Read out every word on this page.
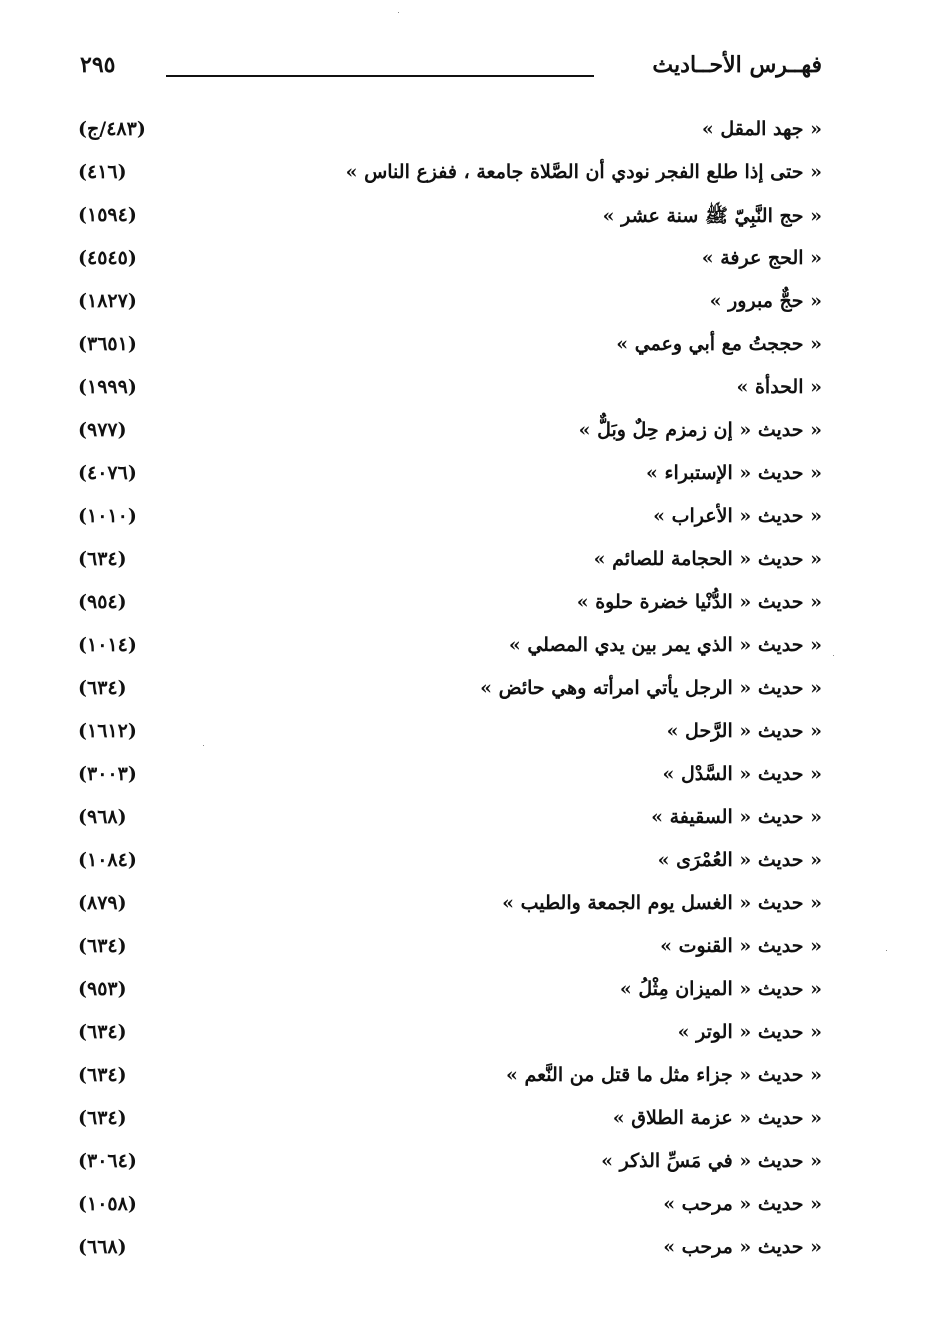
فهــرس الأحــاديث
٢٩٥
« جهد المقل »
(٤٨٣/ج)
« حتى إذا طلع الفجر نودي أن الصَّلاة جامعة ، ففزع الناس »
(٤١٦)
« حج النَّبِيّ ﷺ سنة عشر »
(١٥٩٤)
« الحج عرفة »
(٤٥٤٥)
« حجٌّ مبرور »
(١٨٢٧)
« حججتُ مع أبي وعمي »
(٣٦٥١)
« الحدأة »
(١٩٩٩)
« حديث « إن زمزم حِلٌ وبَلٌّ »
(٩٧٧)
« حديث « الإستبراء »
(٤٠٧٦)
« حديث « الأعراب »
(١٠١٠)
« حديث « الحجامة للصائم »
(٦٣٤)
« حديث « الدُّنْيا خضرة حلوة »
(٩٥٤)
« حديث « الذي يمر بين يدي المصلي »
(١٠١٤)
« حديث « الرجل يأتي امرأته وهي حائض »
(٦٣٤)
« حديث « الرَّحل »
(١٦١٢)
« حديث « السَّدْل »
(٣٠٠٣)
« حديث « السقيفة »
(٩٦٨)
« حديث « العُمْرَى »
(١٠٨٤)
« حديث « الغسل يوم الجمعة والطيب »
(٨٧٩)
« حديث « القنوت »
(٦٣٤)
« حديث « الميزان مِثْلُ »
(٩٥٣)
« حديث « الوتر »
(٦٣٤)
« حديث « جزاء مثل ما قتل من النَّعم »
(٦٣٤)
« حديث « عزمة الطلاق »
(٦٣٤)
« حديث « في مَسِّ الذكر »
(٣٠٦٤)
« حديث « مرحب »
(١٠٥٨)
« حديث « مرحب »
(٦٦٨)
